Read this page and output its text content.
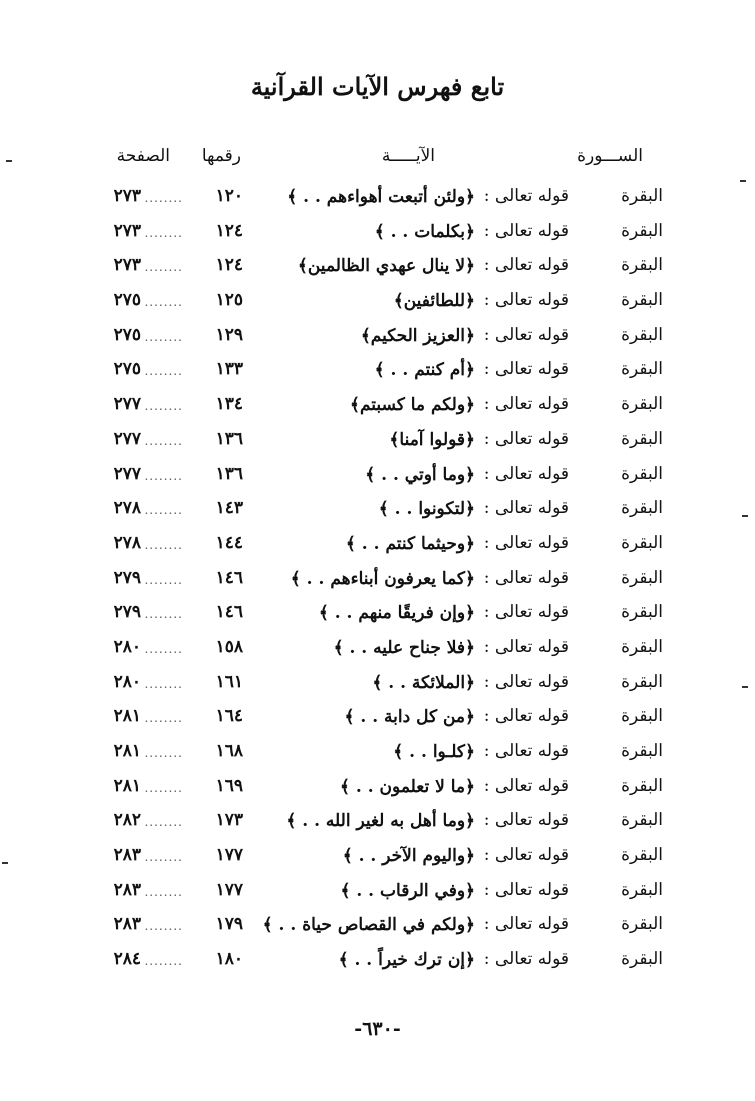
تابع فهرس الآيات القرآنية
الســـورة
الآيـــــة
رقمها
الصفحة
البقرة
قوله تعالى :
﴿ولئن أتبعت أهواءهم . . ﴾
١٢٠
........
٢٧٣
البقرة
قوله تعالى :
﴿بكلمات . . ﴾
١٢٤
........
٢٧٣
البقرة
قوله تعالى :
﴿لا ينال عهدي الظالمين﴾
١٢٤
........
٢٧٣
البقرة
قوله تعالى :
﴿للطائفين﴾
١٢٥
........
٢٧٥
البقرة
قوله تعالى :
﴿العزيز الحكيم﴾
١٢٩
........
٢٧٥
البقرة
قوله تعالى :
﴿أم كنتم . . ﴾
١٣٣
........
٢٧٥
البقرة
قوله تعالى :
﴿ولكم ما كسبتم﴾
١٣٤
........
٢٧٧
البقرة
قوله تعالى :
﴿قولوا آمنا﴾
١٣٦
........
٢٧٧
البقرة
قوله تعالى :
﴿وما أوتي . . ﴾
١٣٦
........
٢٧٧
البقرة
قوله تعالى :
﴿لتكونوا . . ﴾
١٤٣
........
٢٧٨
البقرة
قوله تعالى :
﴿وحيثما كنتم . . ﴾
١٤٤
........
٢٧٨
البقرة
قوله تعالى :
﴿كما يعرفون أبناءهم . . ﴾
١٤٦
........
٢٧٩
البقرة
قوله تعالى :
﴿وإن فريقًا منهم . . ﴾
١٤٦
........
٢٧٩
البقرة
قوله تعالى :
﴿فلا جناح عليه . . ﴾
١٥٨
........
٢٨٠
البقرة
قوله تعالى :
﴿الملائكة . . ﴾
١٦١
........
٢٨٠
البقرة
قوله تعالى :
﴿من كل دابة . . ﴾
١٦٤
........
٢٨١
البقرة
قوله تعالى :
﴿كلـوا . . ﴾
١٦٨
........
٢٨١
البقرة
قوله تعالى :
﴿ما لا تعلمون . . ﴾
١٦٩
........
٢٨١
البقرة
قوله تعالى :
﴿وما أهل به لغير الله . . ﴾
١٧٣
........
٢٨٢
البقرة
قوله تعالى :
﴿واليوم الآخر . . ﴾
١٧٧
........
٢٨٣
البقرة
قوله تعالى :
﴿وفي الرقاب . . ﴾
١٧٧
........
٢٨٣
البقرة
قوله تعالى :
﴿ولكم في القصاص حياة . . ﴾
١٧٩
........
٢٨٣
البقرة
قوله تعالى :
﴿إن ترك خيراً . . ﴾
١٨٠
........
٢٨٤
-٦٣٠-
